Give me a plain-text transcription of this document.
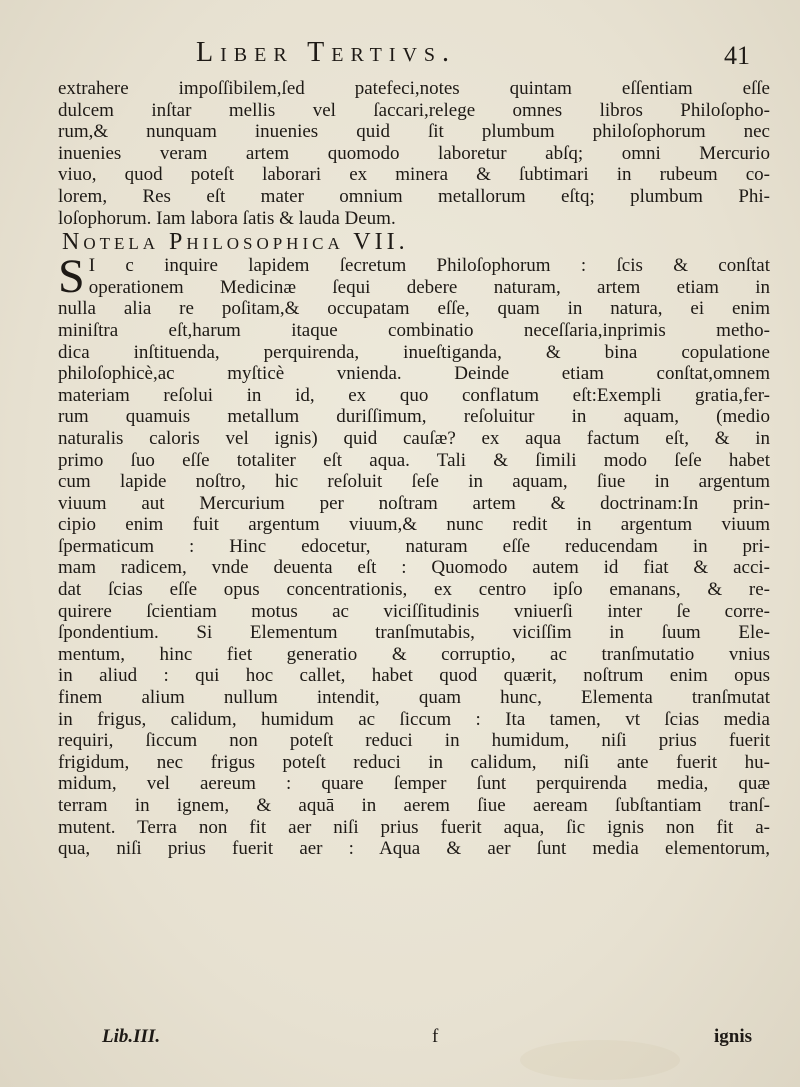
Liber Tertivs.	41
extrahere impoſſibilem,ſed patefeci,notes quintam eſſentiam eſſe
dulcem inſtar mellis vel ſaccari,relege omnes libros Philoſopho-
rum,& nunquam inuenies quid ſit plumbum philoſophorum nec
inuenies veram artem quomodo laboretur abſq; omni Mercurio
viuo, quod poteſt laborari ex minera & ſubtimari in rubeum co-
lorem, Res eſt mater omnium metallorum eſtq; plumbum Phi-
loſophorum. Iam labora ſatis & lauda Deum.
Notela Philosophica VII.
S I c inquire lapidem ſecretum Philoſophorum : ſcis & conſtat
operationem Medicinæ ſequi debere naturam, artem etiam in
nulla alia re poſitam,& occupatam eſſe, quam in natura, ei enim
miniſtra eſt,harum itaque combinatio neceſſaria,inprimis metho-
dica inſtituenda, perquirenda, inueſtiganda, & bina copulatione
philoſophicè,ac myſticè vnienda. Deinde etiam conſtat,omnem
materiam reſolui in id, ex quo conflatum eſt:Exempli gratia,fer-
rum quamuis metallum duriſſimum, reſoluitur in aquam, (medio
naturalis caloris vel ignis) quid cauſæ? ex aqua factum eſt, & in
primo ſuo eſſe totaliter eſt aqua. Tali & ſimili modo ſeſe habet
cum lapide noſtro, hic reſoluit ſeſe in aquam, ſiue in argentum
viuum aut Mercurium per noſtram artem & doctrinam:In prin-
cipio enim fuit argentum viuum,& nunc redit in argentum viuum
ſpermaticum : Hinc edocetur, naturam eſſe reducendam in pri-
mam radicem, vnde deuenta eſt : Quomodo autem id fiat & acci-
dat ſcias eſſe opus concentrationis, ex centro ipſo emanans, & re-
quirere ſcientiam motus ac viciſſitudinis vniuerſi inter ſe corre-
ſpondentium. Si Elementum tranſmutabis, viciſſim in ſuum Ele-
mentum, hinc fiet generatio & corruptio, ac tranſmutatio vnius
in aliud : qui hoc callet, habet quod quærit, noſtrum enim opus
finem alium nullum intendit, quam hunc, Elementa tranſmutat
in frigus, calidum, humidum ac ſiccum : Ita tamen, vt ſcias media
requiri, ſiccum non poteſt reduci in humidum, niſi prius fuerit
frigidum, nec frigus poteſt reduci in calidum, niſi ante fuerit hu-
midum, vel aereum : quare ſemper ſunt perquirenda media, quæ
terram in ignem, & aquā in aerem ſiue aeream ſubſtantiam tranſ-
mutent. Terra non fit aer niſi prius fuerit aqua, ſic ignis non fit a-
qua, niſi prius fuerit aer : Aqua & aer ſunt media elementorum,
Lib.III.	f	ignis
